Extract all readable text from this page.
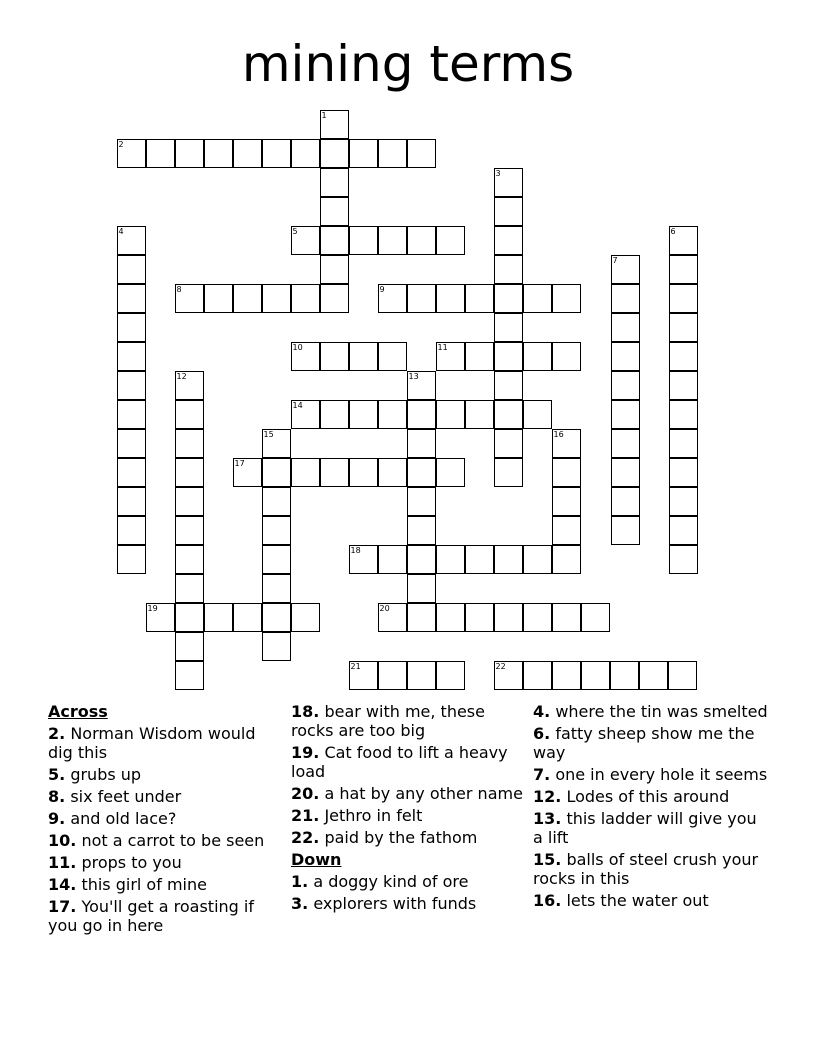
mining terms
2
5
8	9
10	11
14
17
18
19	20
21	22
1
3
4	6
7
12	13
15	16
Across
2. Norman Wisdom would dig this
5. grubs up
8. six feet under
9. and old lace?
10. not a carrot to be seen
11. props to you
14. this girl of mine
17. You'll get a roasting if you go in here
18. bear with me, these rocks are too big
19. Cat food to lift a heavy load
20. a hat by any other name
21. Jethro in felt
22. paid by the fathom
Down
1. a doggy kind of ore
3. explorers with funds
4. where the tin was smelted
6. fatty sheep show me the way
7. one in every hole it seems
12. Lodes of this around
13. this ladder will give you a lift
15. balls of steel crush your rocks in this
16. lets the water out
